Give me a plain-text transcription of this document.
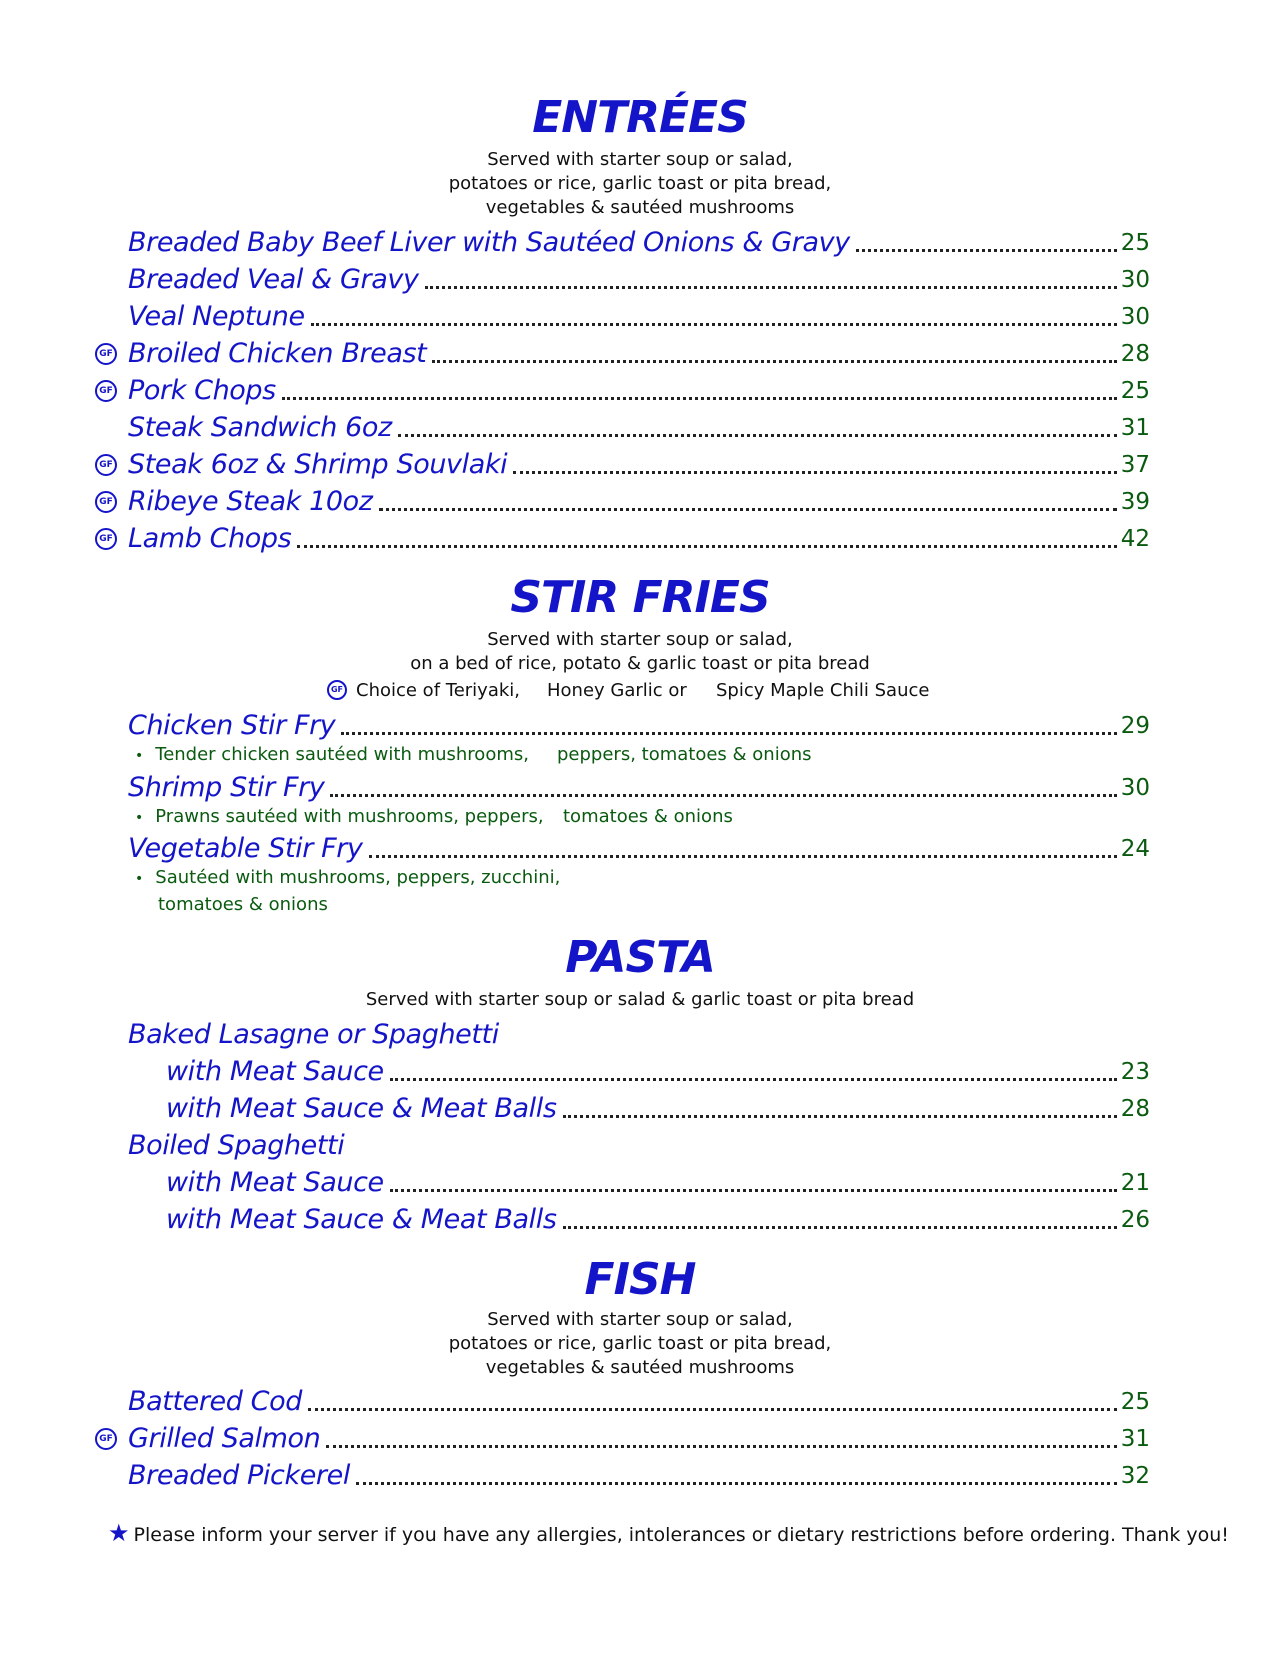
ENTRÉES
Served with starter soup or salad,
potatoes or rice, garlic toast or pita bread,
vegetables & sautéed mushrooms
Breaded Baby Beef Liver with Sautéed Onions & Gravy	25
Breaded Veal & Gravy	30
Veal Neptune	30
GF Broiled Chicken Breast	28
GF Pork Chops	25
Steak Sandwich 6oz	31
GF Steak 6oz & Shrimp Souvlaki	37
GF Ribeye Steak 10oz	39
GF Lamb Chops	42
STIR FRIES
Served with starter soup or salad,
on a bed of rice, potato & garlic toast or pita bread
GF Choice of Teriyaki, Honey Garlic or Spicy Maple Chili Sauce
Chicken Stir Fry	29
• Tender chicken sautéed with mushrooms, peppers, tomatoes & onions
Shrimp Stir Fry	30
• Prawns sautéed with mushrooms, peppers, tomatoes & onions
Vegetable Stir Fry	24
• Sautéed with mushrooms, peppers, zucchini,
tomatoes & onions
PASTA
Served with starter soup or salad & garlic toast or pita bread
Baked Lasagne or Spaghetti
with Meat Sauce	23
with Meat Sauce & Meat Balls	28
Boiled Spaghetti
with Meat Sauce	21
with Meat Sauce & Meat Balls	26
FISH
Served with starter soup or salad,
potatoes or rice, garlic toast or pita bread,
vegetables & sautéed mushrooms
Battered Cod	25
GF Grilled Salmon	31
Breaded Pickerel	32
★ Please inform your server if you have any allergies, intolerances or dietary restrictions before ordering. Thank you!
